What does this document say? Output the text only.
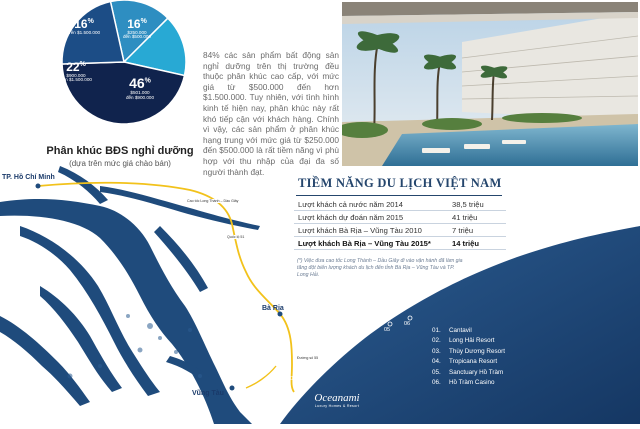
16%
trên $1.500.000
16%
$250.000
đến $500.000
46%
$501.000
đến $900.000
22%
$900.000
đến $1.500.000
Phân khúc BĐS nghỉ dưỡng
(dựa trên mức giá chào bán)

84% các sản phẩm bất động sản nghỉ dưỡng trên thị trường đều thuộc phân khúc cao cấp, với mức giá từ $500.000 đến hơn $1.500.000. Tuy nhiên, với tình hình kinh tế hiện nay, phân khúc này rất khó tiếp cận với khách hàng. Chính vì vậy, các sản phẩm ở phân khúc hạng trung với mức giá từ $250.000 đến $500.000 là rất tiềm năng vì phù hợp với thu nhập của đại đa số người thành đạt.

TP. Hồ Chí Minh
Bà Rịa
Vũng Tàu
Long Hải
Cao tốc Long Thành – Dầu Giây
Quốc lộ 51
Đường số 55
01
02
03
04
05
06
TIỀM NĂNG DU LỊCH VIỆT NAM
Lượt khách cả nước năm 2014	38,5 triệu
Lượt khách dự đoán năm 2015	41 triệu
Lượt khách Bà Rịa – Vũng Tàu 2010	7 triệu
Lượt khách Bà Rịa – Vũng Tàu 2015*	14 triệu

(*) Việc đưa cao tốc Long Thành – Dầu Giây đi vào vận hành đã làm gia tăng đột biến lượng khách du lịch đến tỉnh Bà Rịa – Vũng Tàu và TP. Long Hải.

01. Cantavil
02. Long Hải Resort
03. Thùy Dương Resort
04. Tropicana Resort
05. Sanctuary Hồ Tràm
06. Hồ Tràm Casino
Oceanami
Luxury Homes & Resort
